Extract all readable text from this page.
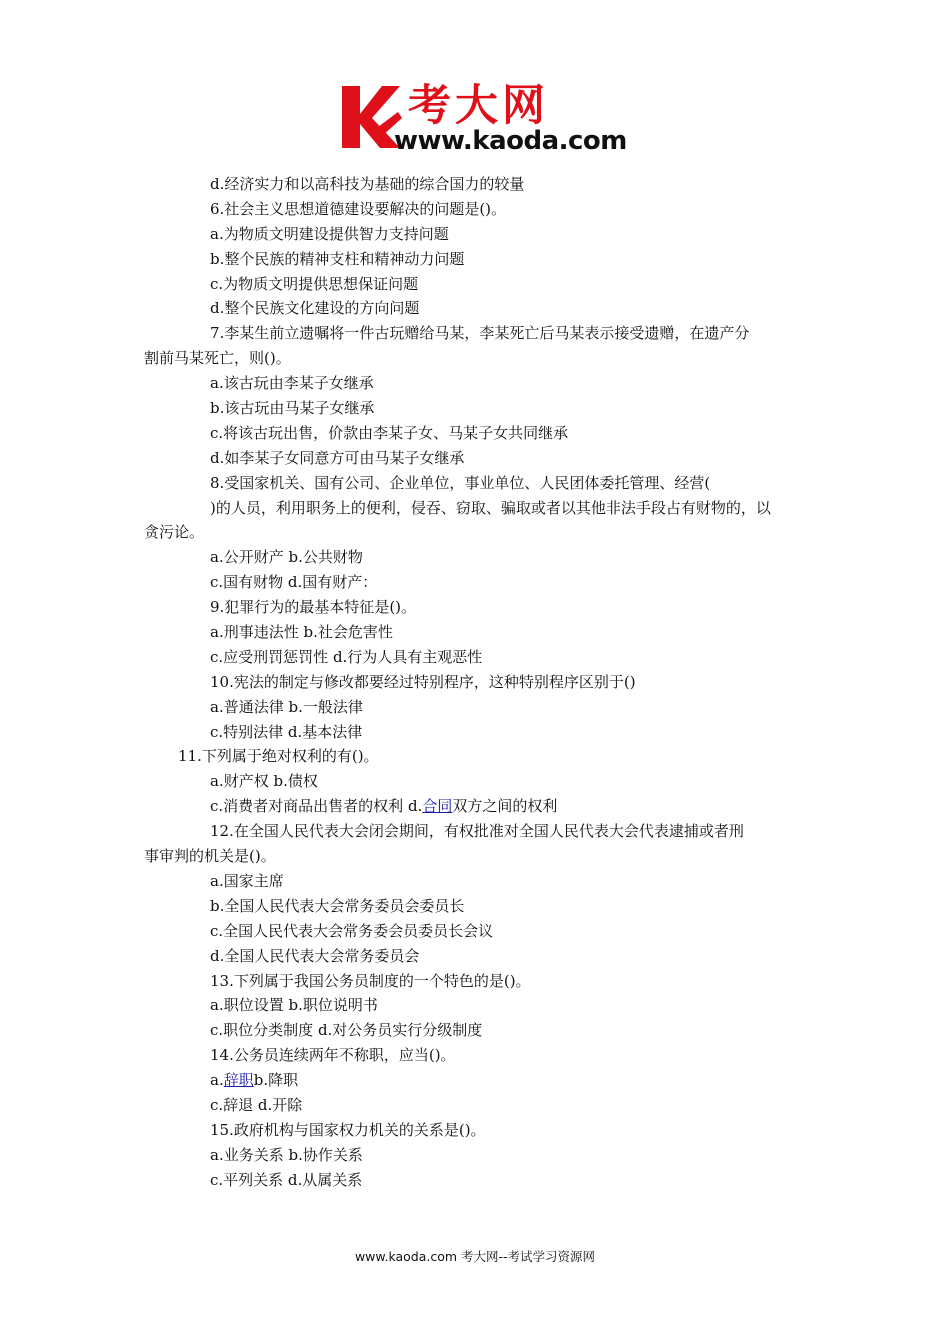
考大网
www.kaoda.com
d.经济实力和以高科技为基础的综合国力的较量
6.社会主义思想道德建设要解决的问题是()。
a.为物质文明建设提供智力支持问题
b.整个民族的精神支柱和精神动力问题
c.为物质文明提供思想保证问题
d.整个民族文化建设的方向问题
7.李某生前立遗嘱将一件古玩赠给马某，李某死亡后马某表示接受遗赠，在遗产分
割前马某死亡，则()。
a.该古玩由李某子女继承
b.该古玩由马某子女继承
c.将该古玩出售，价款由李某子女、马某子女共同继承
d.如李某子女同意方可由马某子女继承
8.受国家机关、国有公司、企业单位，事业单位、人民团体委托管理、经营(
)的人员，利用职务上的便利，侵吞、窃取、骗取或者以其他非法手段占有财物的，以
贪污论。
a.公开财产 b.公共财物
c.国有财物 d.国有财产：
9.犯罪行为的最基本特征是()。
a.刑事违法性 b.社会危害性
c.应受刑罚惩罚性 d.行为人具有主观恶性
10.宪法的制定与修改都要经过特别程序，这种特别程序区别于()
a.普通法律 b.一般法律
c.特别法律 d.基本法律
11.下列属于绝对权利的有()。
a.财产权 b.债权
c.消费者对商品出售者的权利 d.合同双方之间的权利
12.在全国人民代表大会闭会期间，有权批准对全国人民代表大会代表逮捕或者刑
事审判的机关是()。
a.国家主席
b.全国人民代表大会常务委员会委员长
c.全国人民代表大会常务委会员委员长会议
d.全国人民代表大会常务委员会
13.下列属于我国公务员制度的一个特色的是()。
a.职位设置 b.职位说明书
c.职位分类制度 d.对公务员实行分级制度
14.公务员连续两年不称职，应当()。
a.辞职b.降职
c.辞退 d.开除
15.政府机构与国家权力机关的关系是()。
a.业务关系 b.协作关系
c.平列关系 d.从属关系
www.kaoda.com 考大网--考试学习资源网
